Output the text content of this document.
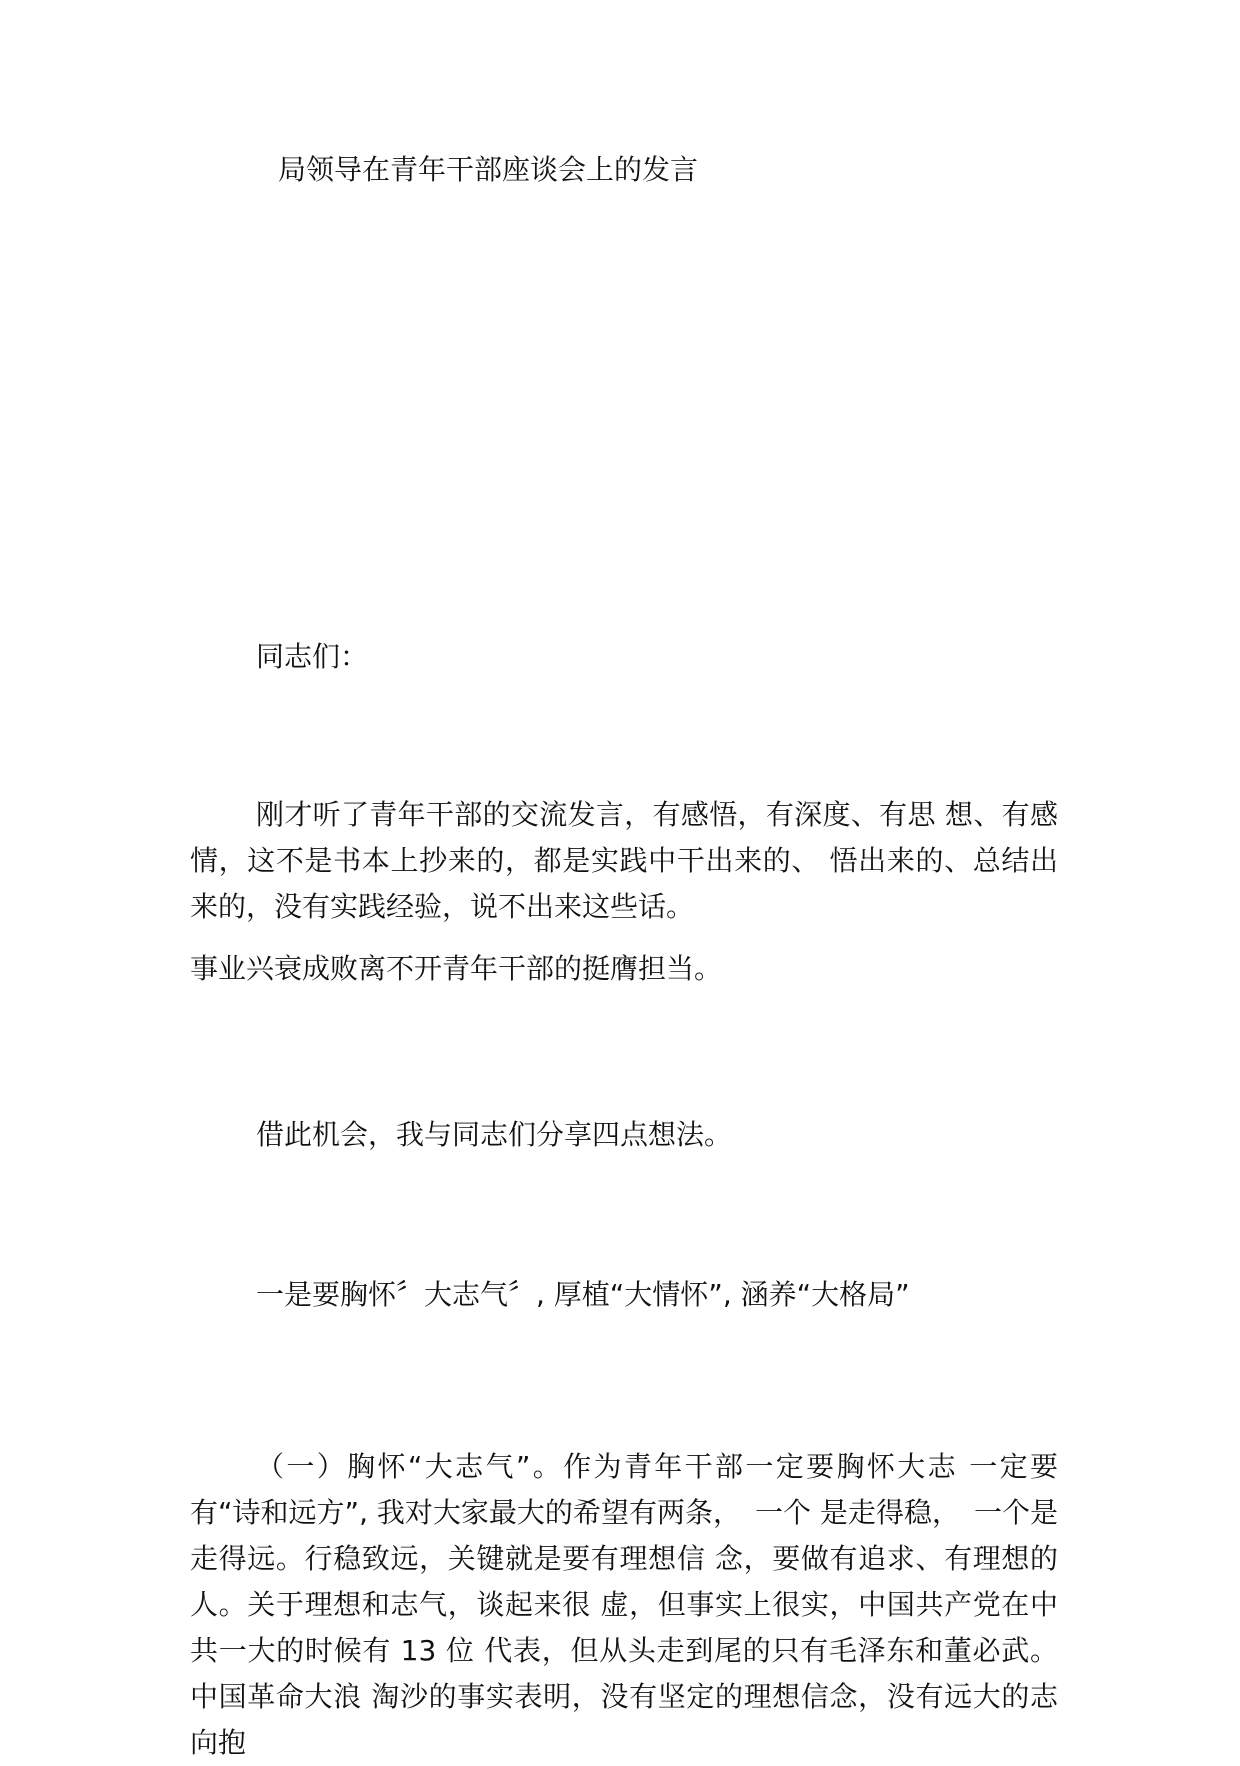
局领导在青年干部座谈会上的发言

同志们：

刚才听了青年干部的交流发言，有感悟，有深度、有思 想、有感情，这不是书本上抄来的，都是实践中干出来的、 悟出来的、总结出来的，没有实践经验，说不出来这些话。

事业兴衰成败离不开青年干部的挺膺担当。

借此机会，我与同志们分享四点想法。

一是要胸怀〞大志气〞, 厚植“大情怀”, 涵养“大格局”

（一）胸怀“大志气”。作为青年干部一定要胸怀大志 一定要有“诗和远方”, 我对大家最大的希望有两条，　一个 是走得稳，　一个是走得远。行稳致远，关键就是要有理想信 念，要做有追求、有理想的人。关于理想和志气，谈起来很 虚，但事实上很实，中国共产党在中共一大的时候有 13 位 代表，但从头走到尾的只有毛泽东和董必武。中国革命大浪 淘沙的事实表明，没有坚定的理想信念，没有远大的志向抱
